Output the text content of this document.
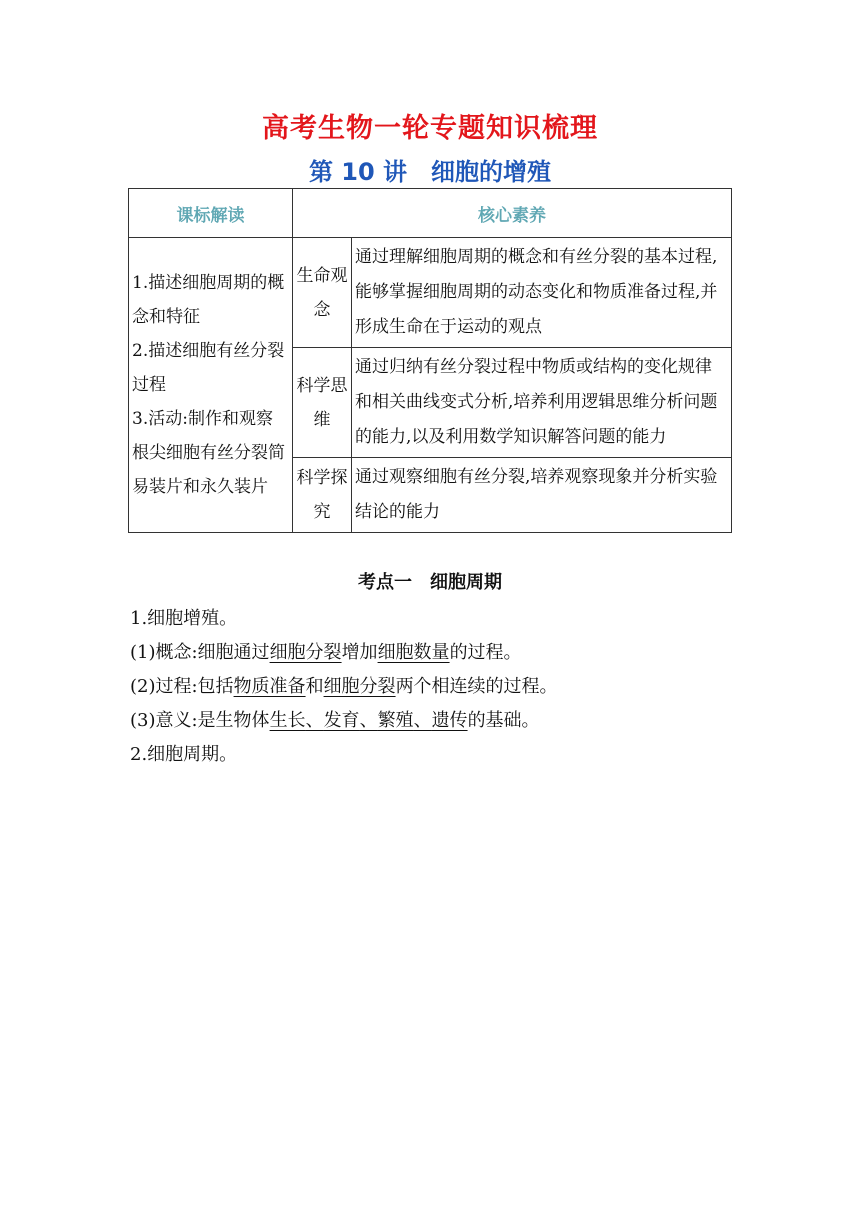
高考生物一轮专题知识梳理
第 10 讲　细胞的增殖
课标解读	核心素养	

1.描述细胞周期的概念和特征
2.描述细胞有丝分裂过程
3.活动:制作和观察根尖细胞有丝分裂简易装片和永久装片	生命观念	通过理解细胞周期的概念和有丝分裂的基本过程,能够掌握细胞周期的动态变化和物质准备过程,并形成生命在于运动的观点
	科学思维	通过归纳有丝分裂过程中物质或结构的变化规律和相关曲线变式分析,培养利用逻辑思维分析问题的能力,以及利用数学知识解答问题的能力
	科学探究	通过观察细胞有丝分裂,培养观察现象并分析实验结论的能力
考点一　细胞周期
1.细胞增殖。
(1)概念:细胞通过细胞分裂增加细胞数量的过程。
(2)过程:包括物质准备和细胞分裂两个相连续的过程。
(3)意义:是生物体生长、发育、繁殖、遗传的基础。
2.细胞周期。
